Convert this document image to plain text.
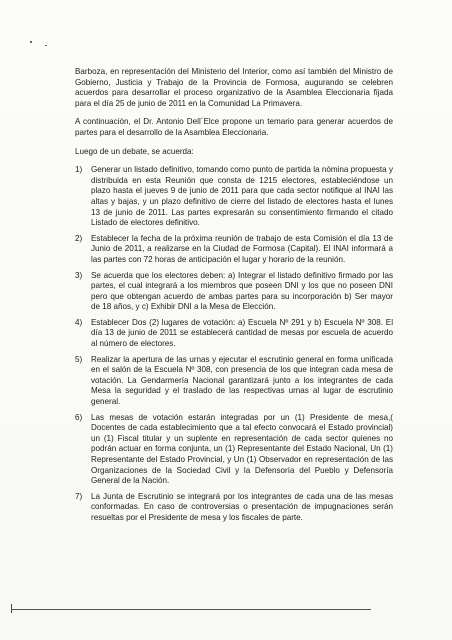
Barboza, en representación del Ministerio del Interior, como así también del Ministro de Gobierno, Justicia y Trabajo de la Provincia de Formosa, augurando se celebren acuerdos para desarrollar el proceso organizativo de la Asamblea Eleccionaria fijada para el día 25 de junio de 2011 en la Comunidad La Primavera.

A continuación, el Dr. Antonio Dell´Elce propone un temario para generar acuerdos de partes para el desarrollo de la Asamblea Eleccionaria.

Luego de un debate, se acuerda:

1) Generar un listado definitivo, tomando como punto de partida la nómina propuesta y distribuida en esta Reunión que consta de 1215 electores, estableciéndose un plazo hasta el jueves 9 de junio de 2011 para que cada sector notifique al INAI las altas y bajas, y un plazo definitivo de cierre del listado de electores hasta el lunes 13 de junio de 2011. Las partes expresarán su consentimiento firmando el citado Listado de electores definitivo.
2) Establecer la fecha de la próxima reunión de trabajo de esta Comisión el día 13 de Junio de 2011, a realizarse en la Ciudad de Formosa (Capital). El INAI informará a las partes con 72 horas de anticipación el lugar y horario de la reunión.
3) Se acuerda que los electores deben: a) Integrar el listado definitivo firmado por las partes, el cual integrará a los miembros que poseen DNI y los que no poseen DNI pero que obtengan acuerdo de ambas partes para su incorporación b) Ser mayor de 18 años, y c) Exhibir DNI a la Mesa de Elección.
4) Establecer Dos (2) lugares de votación: a) Escuela Nº 291 y b) Escuela Nº 308. El día 13 de junio de 2011 se establecerá cantidad de mesas por escuela de acuerdo al número de electores.
5) Realizar la apertura de las urnas y ejecutar el escrutinio general en forma unificada en el salón de la Escuela Nº 308, con presencia de los que integran cada mesa de votación. La Gendarmería Nacional garantizará junto a los integrantes de cada Mesa la seguridad y el traslado de las respectivas urnas al lugar de escrutinio general.
6) Las mesas de votación estarán integradas por un (1) Presidente de mesa,( Docentes de cada establecimiento que a tal efecto convocará el Estado provincial) un (1) Fiscal titular y un suplente en representación de cada sector quienes no podrán actuar en forma conjunta, un (1) Representante del Estado Nacional, Un (1) Representante del Estado Provincial, y Un (1) Observador en representación de las Organizaciones de la Sociedad Civil y la Defensoría del Pueblo y Defensoría General de la Nación.
7) La Junta de Escrutinio se integrará por los integrantes de cada una de las mesas conformadas. En caso de controversias o presentación de impugnaciones serán resueltas por el Presidente de mesa y los fiscales de parte.
